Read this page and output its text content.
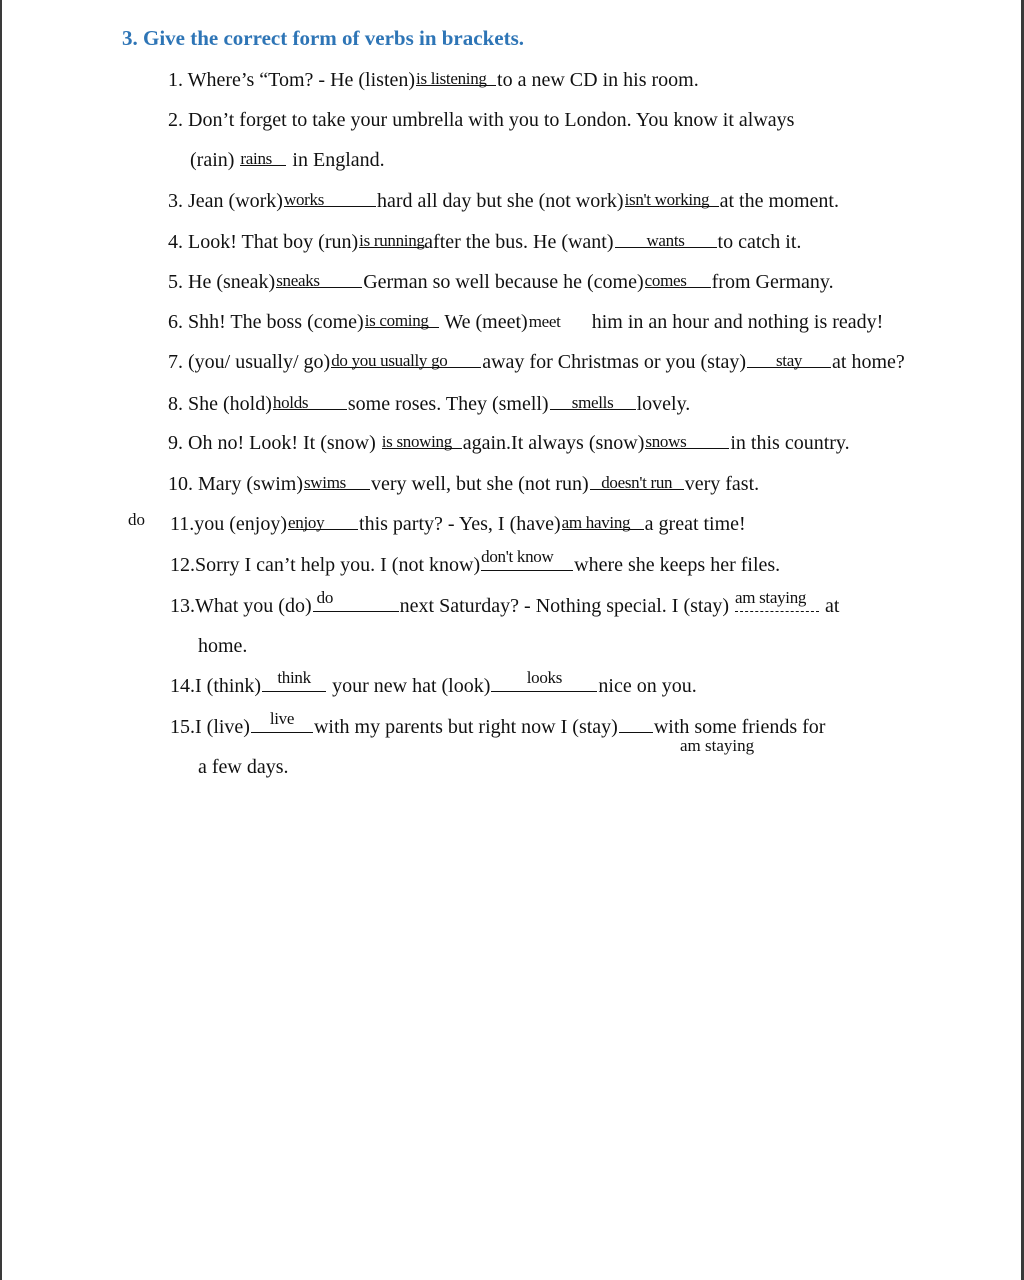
3. Give the correct form of verbs in brackets.
1. Where’s “Tom? - He (listen) is listening to a new CD in his room.
2. Don’t forget to take your umbrella with you to London. You know it always
(rain) rains	in England.
3. Jean (work) works	hard all day but she (not work) isn't working at the moment.
4. Look! That boy (run) is running after the bus. He (want)	wants	to catch it.
5. He (sneak) sneaks	German so well because he (come) comes	from Germany.
6. Shh! The boss (come) is coming We (meet) meet	him in an hour and nothing is ready!
7. (you/ usually/ go) do you usually go	away for Christmas or you (stay)	stay	at home?
8. She (hold) holds	some roses. They (smell)	smells	lovely.
9. Oh no! Look! It (snow) is snowing again.It always (snow) snows	in this country.
10. Mary (swim) swims	very well, but she (not run) doesn't run very fast.
do 11.you (enjoy) enjoy	this party? - Yes, I (have) am having a great time!
12.Sorry I can’t help you. I (not know) don't know	where she keeps her files.
13.What you (do) do	next Saturday? - Nothing special. I (stay) am staying at
home.
14.I (think) think	your new hat (look)	looks	nice on you.
15.I (live)	live with my parents but right now I (stay) with some friends for
am staying
a few days.
